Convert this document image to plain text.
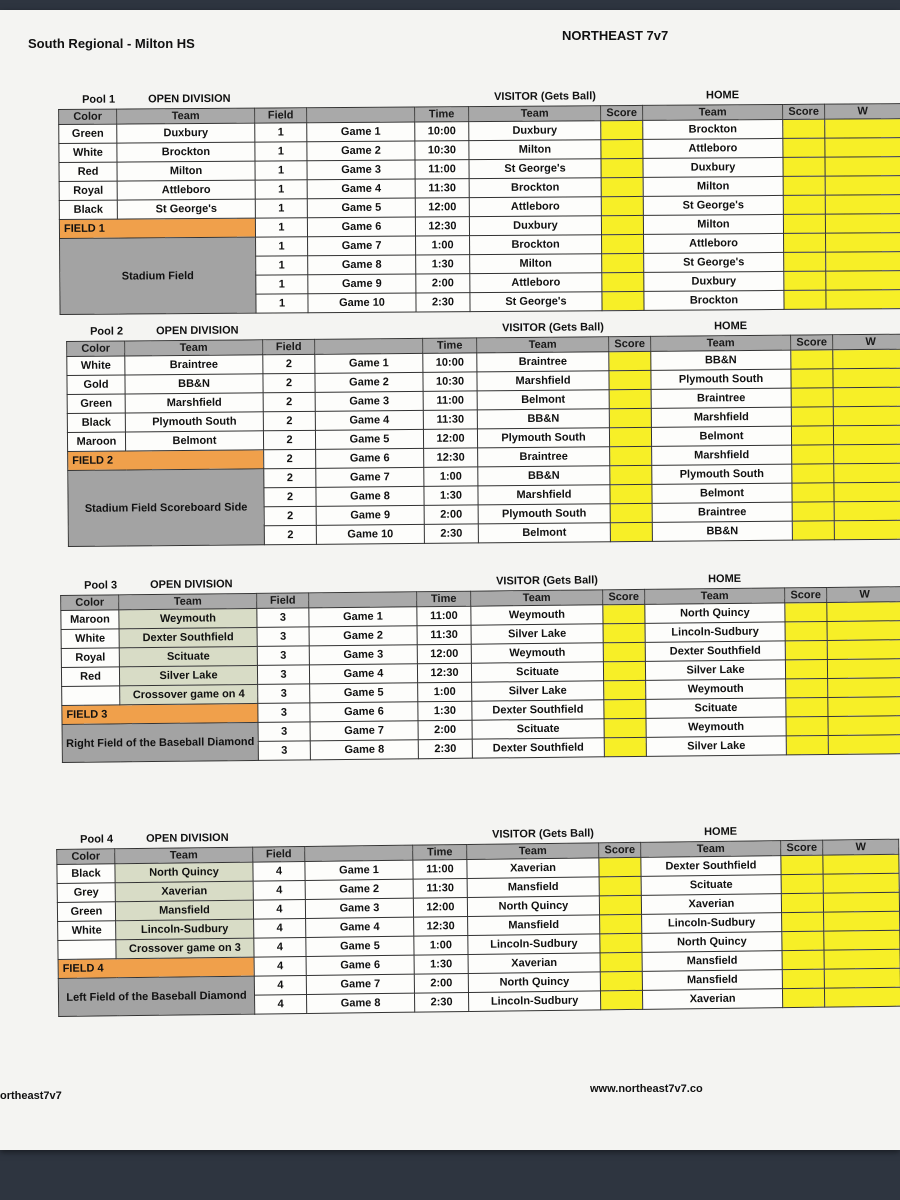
South Regional - Milton HS
NORTHEAST 7v7
Pool 1	OPEN DIVISION	VISITOR (Gets Ball)	HOME
Color	Team	Field		Time	Team	Score	Team	Score	W
Green	Duxbury	1	Game 1	10:00	Duxbury		Brockton		
White	Brockton	1	Game 2	10:30	Milton		Attleboro		
Red	Milton	1	Game 3	11:00	St George's		Duxbury		
Royal	Attleboro	1	Game 4	11:30	Brockton		Milton		
Black	St George's	1	Game 5	12:00	Attleboro		St George's		
FIELD 1		1	Game 6	12:30	Duxbury		Milton		
Stadium Field		1	Game 7	1:00	Brockton		Attleboro		
		1	Game 8	1:30	Milton		St George's		
		1	Game 9	2:00	Attleboro		Duxbury		
		1	Game 10	2:30	St George's		Brockton		
Pool 2	OPEN DIVISION	VISITOR (Gets Ball)	HOME
Color	Team	Field		Time	Team	Score	Team	Score	W
White	Braintree	2	Game 1	10:00	Braintree		BB&N		
Gold	BB&N	2	Game 2	10:30	Marshfield		Plymouth South		
Green	Marshfield	2	Game 3	11:00	Belmont		Braintree		
Black	Plymouth South	2	Game 4	11:30	BB&N		Marshfield		
Maroon	Belmont	2	Game 5	12:00	Plymouth South		Belmont		
FIELD 2		2	Game 6	12:30	Braintree		Marshfield		
Stadium Field Scoreboard Side		2	Game 7	1:00	BB&N		Plymouth South		
		2	Game 8	1:30	Marshfield		Belmont		
		2	Game 9	2:00	Plymouth South		Braintree		
		2	Game 10	2:30	Belmont		BB&N		
Pool 3	OPEN DIVISION	VISITOR (Gets Ball)	HOME
Color	Team	Field		Time	Team	Score	Team	Score	W
Maroon	Weymouth	3	Game 1	11:00	Weymouth		North Quincy		
White	Dexter Southfield	3	Game 2	11:30	Silver Lake		Lincoln-Sudbury		
Royal	Scituate	3	Game 3	12:00	Weymouth		Dexter Southfield		
Red	Silver Lake	3	Game 4	12:30	Scituate		Silver Lake		
	Crossover game on 4	3	Game 5	1:00	Silver Lake		Weymouth		
FIELD 3		3	Game 6	1:30	Dexter Southfield		Scituate		
Right Field of the Baseball Diamond		3	Game 7	2:00	Scituate		Weymouth		
		3	Game 8	2:30	Dexter Southfield		Silver Lake		
Pool 4	OPEN DIVISION	VISITOR (Gets Ball)	HOME
Color	Team	Field		Time	Team	Score	Team	Score	W
Black	North Quincy	4	Game 1	11:00	Xaverian		Dexter Southfield		
Grey	Xaverian	4	Game 2	11:30	Mansfield		Scituate		
Green	Mansfield	4	Game 3	12:00	North Quincy		Xaverian		
White	Lincoln-Sudbury	4	Game 4	12:30	Mansfield		Lincoln-Sudbury		
	Crossover game on 3	4	Game 5	1:00	Lincoln-Sudbury		North Quincy		
FIELD 4		4	Game 6	1:30	Xaverian		Mansfield		
Left Field of the Baseball Diamond		4	Game 7	2:00	North Quincy		Mansfield		
		4	Game 8	2:30	Lincoln-Sudbury		Xaverian		
ortheast7v7
www.northeast7v7.co
